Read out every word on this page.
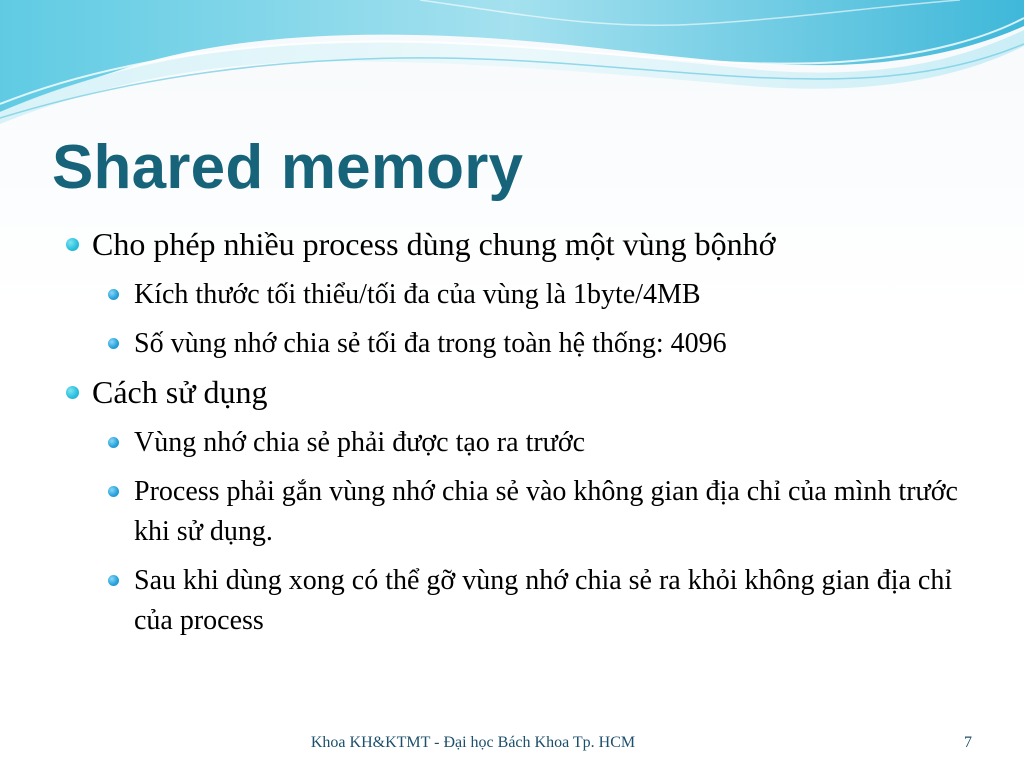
Shared memory
Cho phép nhiều process dùng chung một vùng bộnhớ
Kích thước tối thiểu/tối đa của vùng là 1byte/4MB
Số vùng nhớ chia sẻ tối đa trong toàn hệ thống: 4096
Cách sử dụng
Vùng nhớ chia sẻ phải được tạo ra trước
Process phải gắn vùng nhớ chia sẻ vào không gian địa chỉ của mình trước khi sử dụng.
Sau khi dùng xong có thể gỡ vùng nhớ chia sẻ ra khỏi không gian địa chỉ của process
Khoa KH&KTMT - Đại học Bách Khoa Tp. HCM	7
